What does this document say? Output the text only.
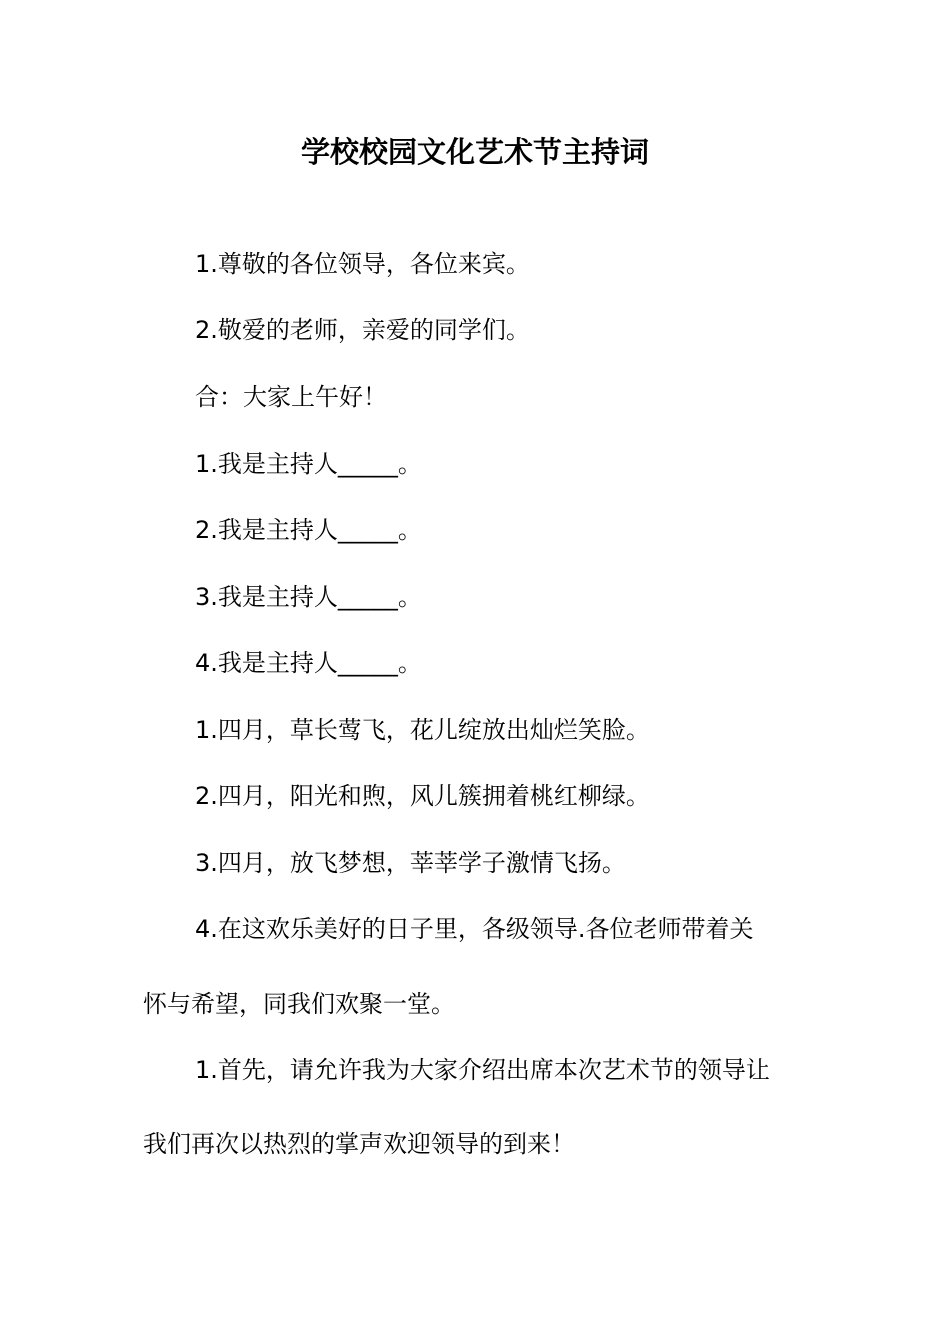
学校校园文化艺术节主持词
1.尊敬的各位领导，各位来宾。
2.敬爱的老师，亲爱的同学们。
合：大家上午好！
1.我是主持人_____。
2.我是主持人_____。
3.我是主持人_____。
4.我是主持人_____。
1.四月，草长莺飞，花儿绽放出灿烂笑脸。
2.四月，阳光和煦，风儿簇拥着桃红柳绿。
3.四月，放飞梦想，莘莘学子激情飞扬。
4.在这欢乐美好的日子里，各级领导.各位老师带着关
怀与希望，同我们欢聚一堂。
1.首先，请允许我为大家介绍出席本次艺术节的领导让
我们再次以热烈的掌声欢迎领导的到来！
